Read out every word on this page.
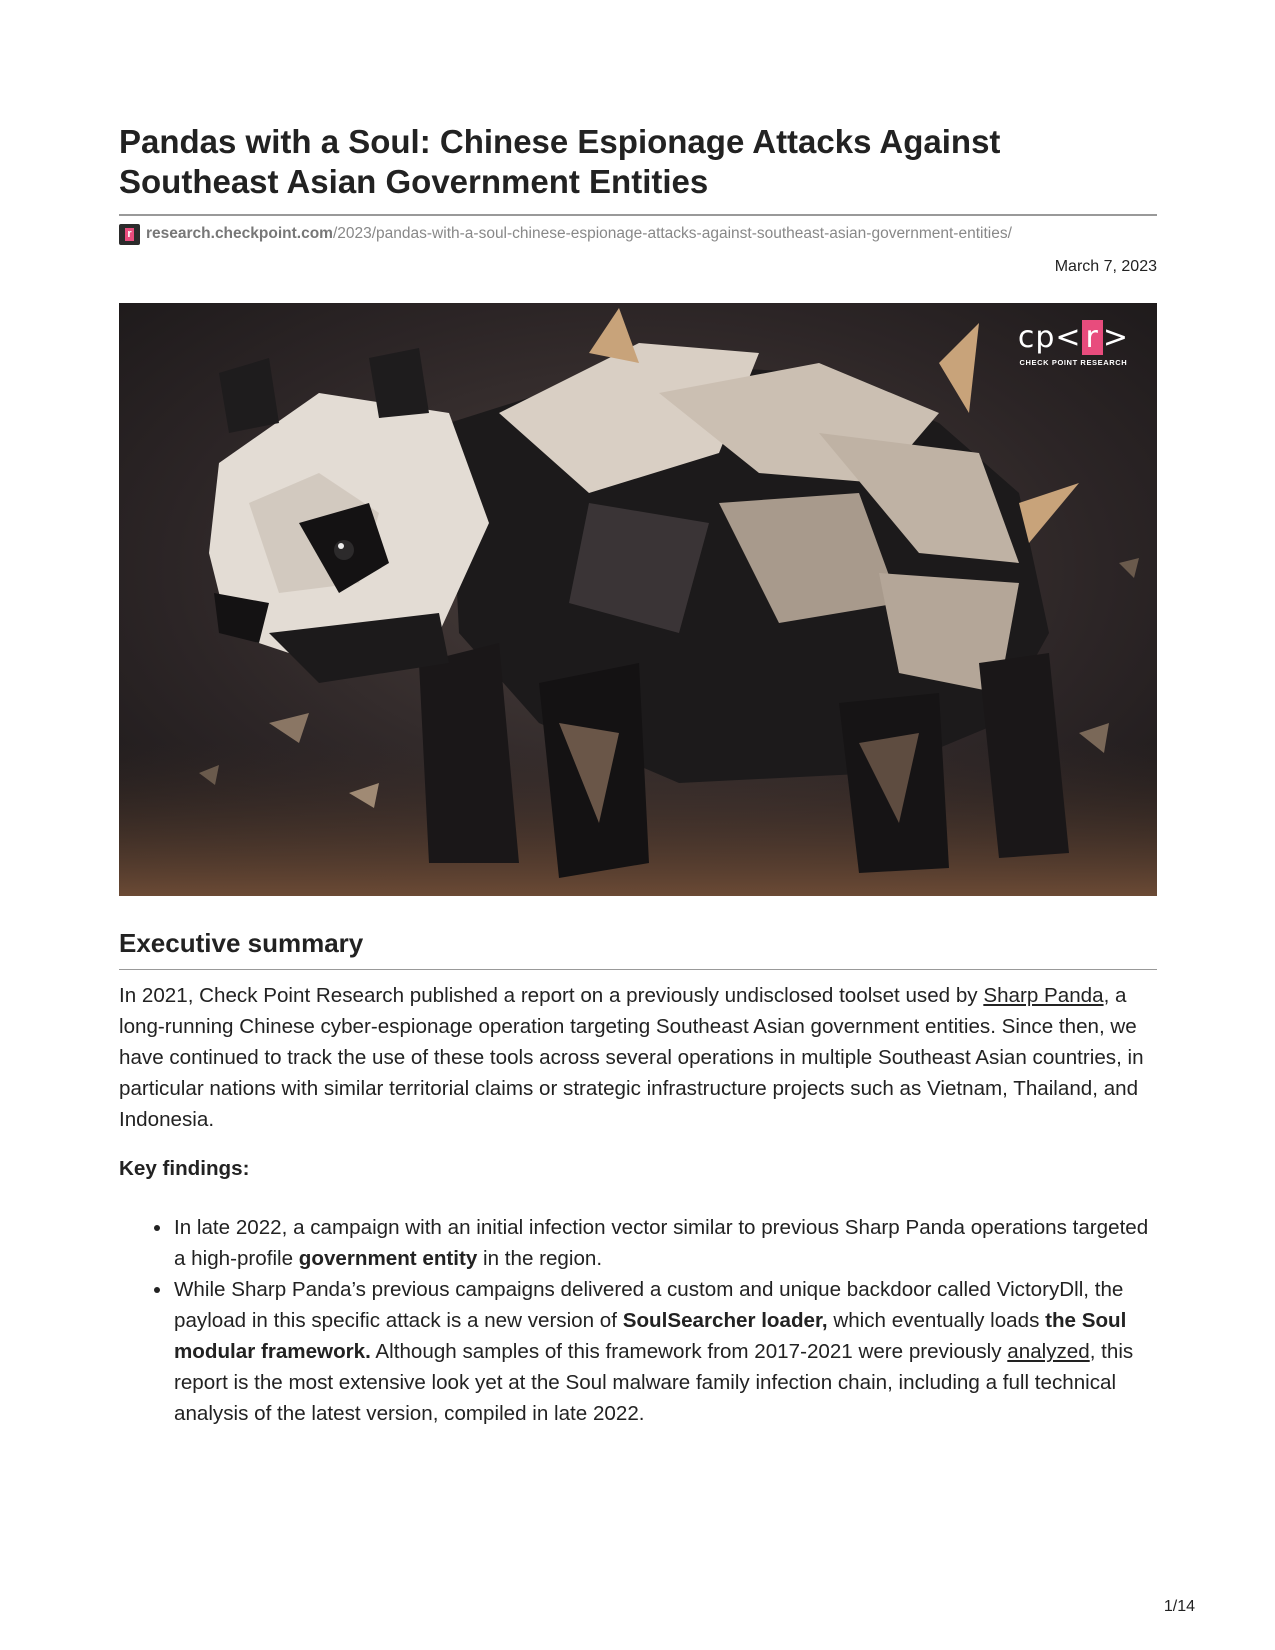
Pandas with a Soul: Chinese Espionage Attacks Against
Southeast Asian Government Entities
r research.checkpoint.com /2023/pandas-with-a-soul-chinese-espionage-attacks-against-southeast-asian-government-entities/
March 7, 2023
cp< r >
CHECK POINT RESEARCH
Executive summary

In 2021, Check Point Research published a report on a previously undisclosed toolset used by Sharp Panda, a long-running Chinese cyber-espionage operation targeting Southeast Asian government entities. Since then, we have continued to track the use of these tools across several operations in multiple Southeast Asian countries, in particular nations with similar territorial claims or strategic infrastructure projects such as Vietnam, Thailand, and Indonesia.

Key findings:

In late 2022, a campaign with an initial infection vector similar to previous Sharp Panda operations targeted a high-profile government entity in the region.
While Sharp Panda’s previous campaigns delivered a custom and unique backdoor called VictoryDll, the payload in this specific attack is a new version of SoulSearcher loader, which eventually loads the Soul modular framework. Although samples of this framework from 2017-2021 were previously analyzed, this report is the most extensive look yet at the Soul malware family infection chain, including a full technical analysis of the latest version, compiled in late 2022.
1/14
